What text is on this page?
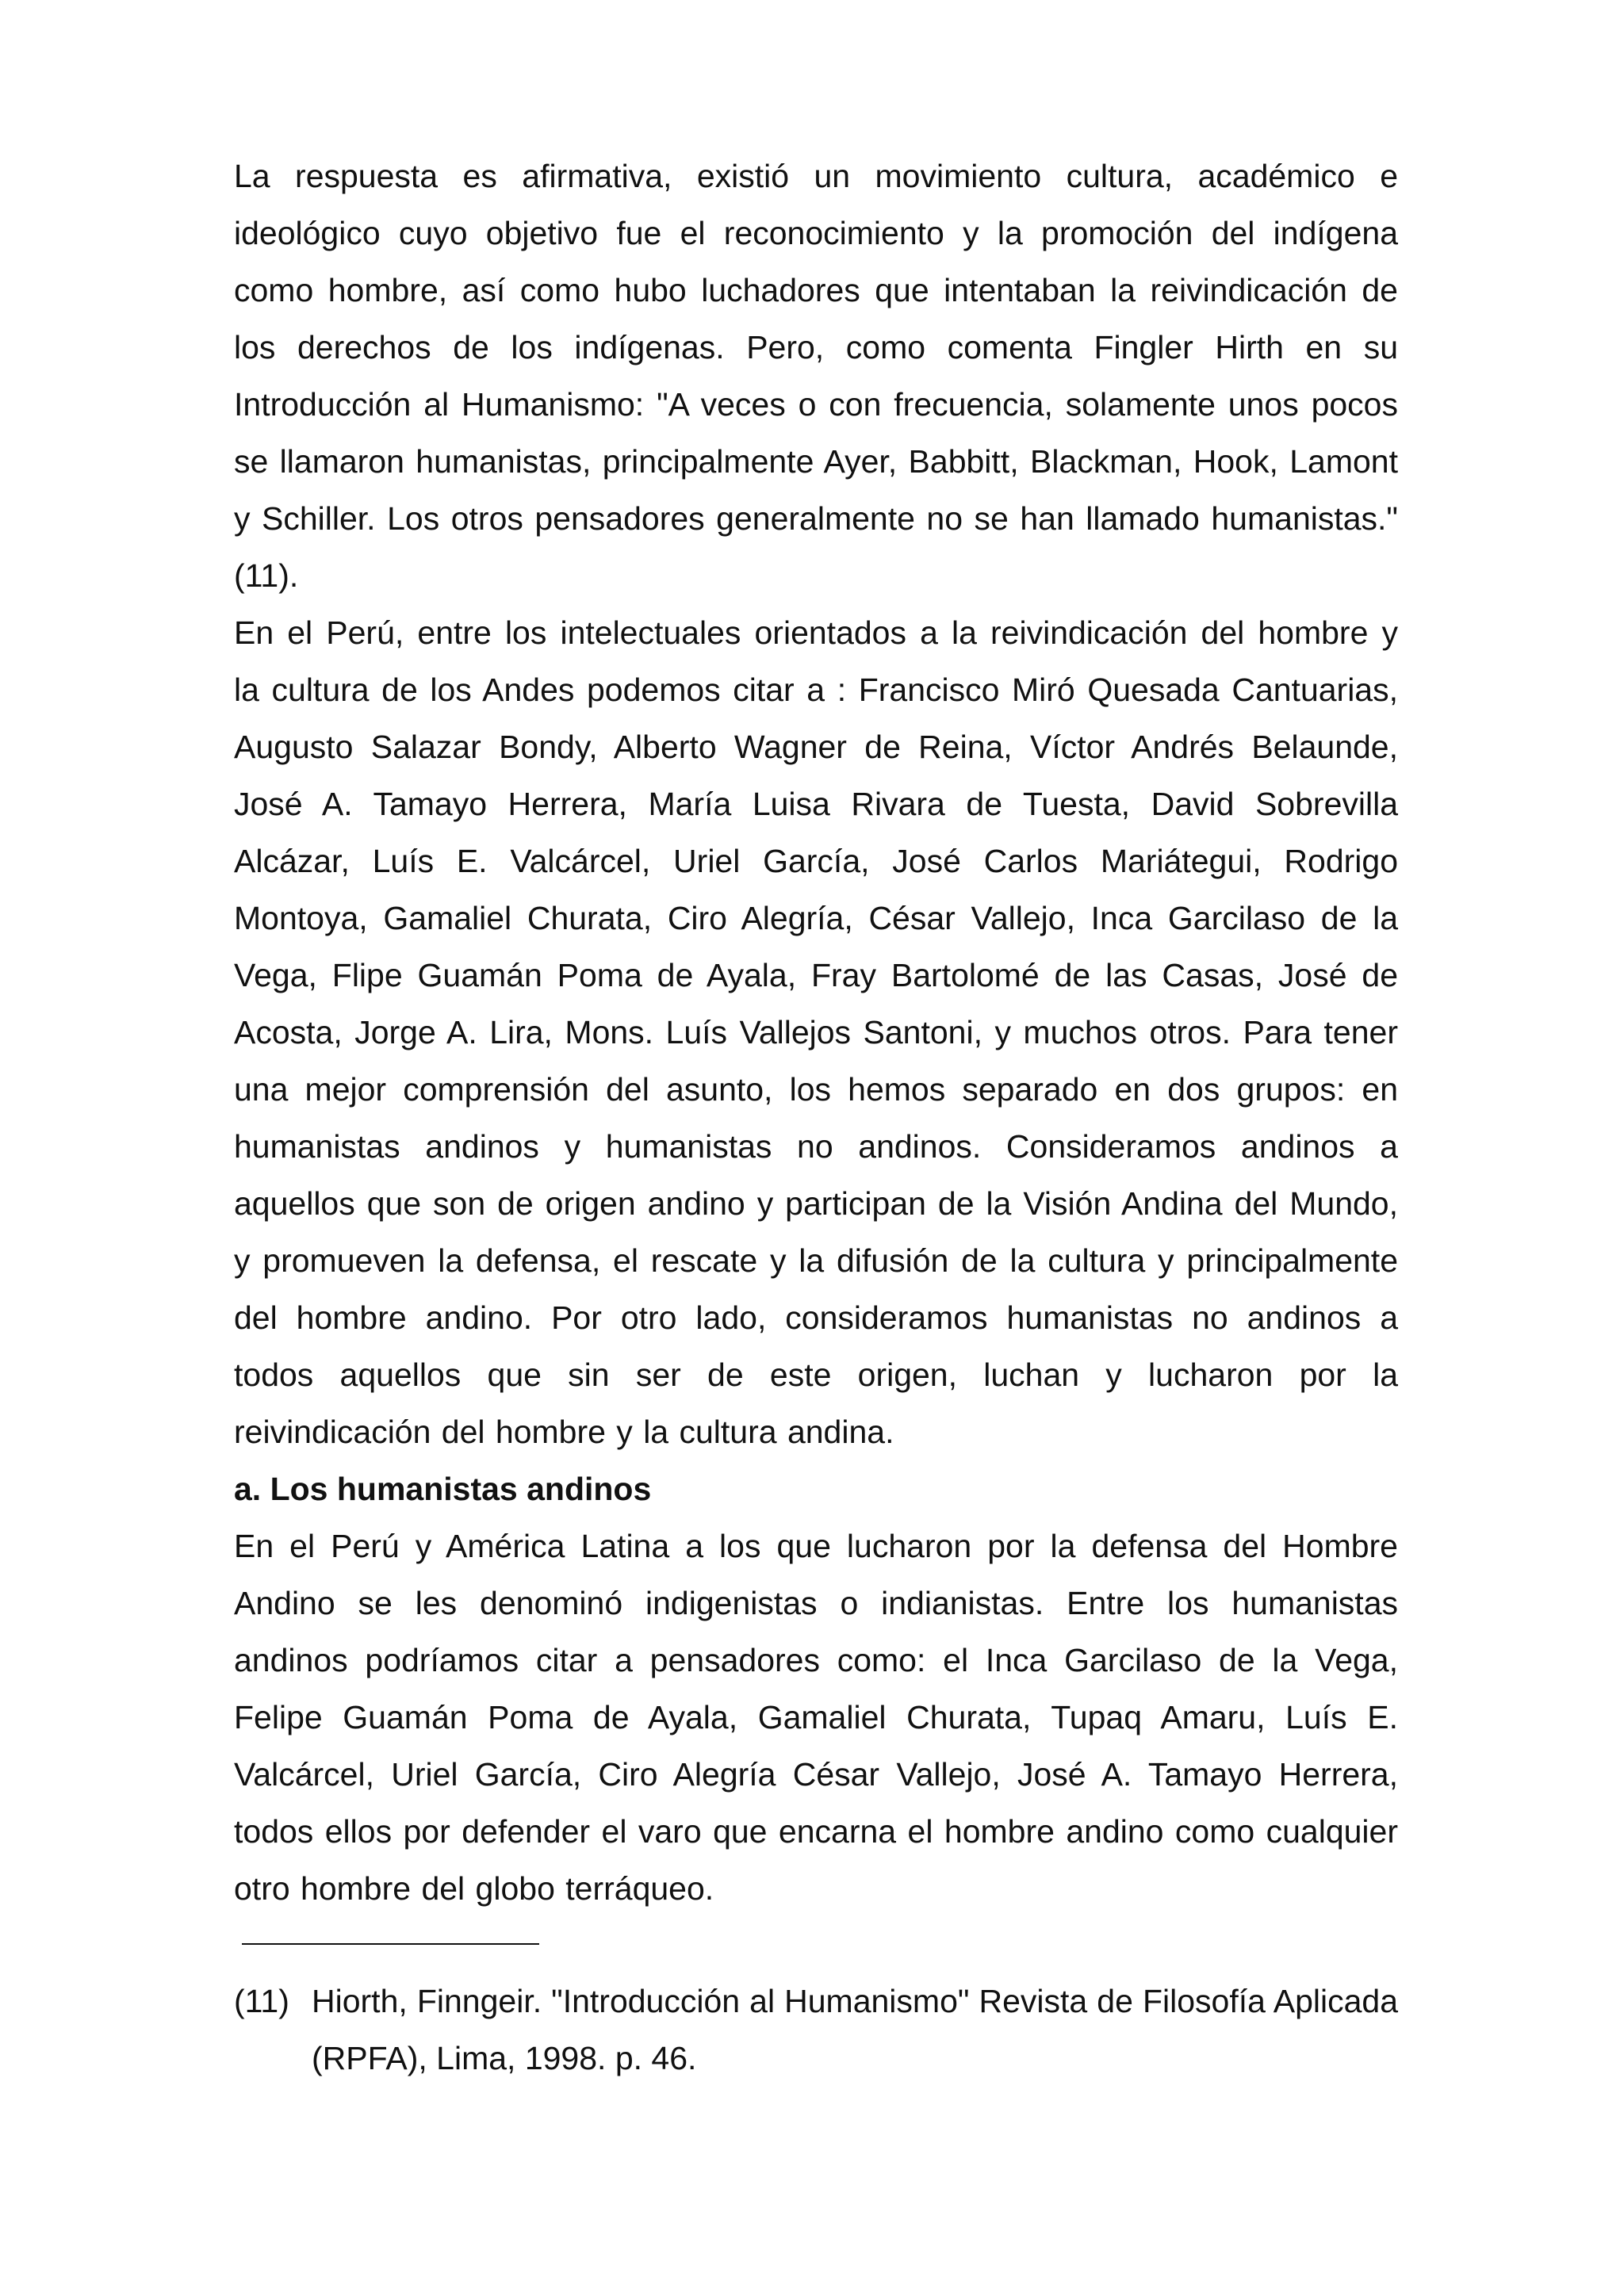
La respuesta es afirmativa, existió un movimiento cultura, académico e ideológico cuyo objetivo fue el reconocimiento y la promoción del indígena como hombre, así como hubo luchadores que intentaban la reivindicación de los derechos de los indígenas. Pero, como comenta Fingler Hirth en su Introducción al Humanismo: "A veces o con frecuencia, solamente unos pocos se llamaron humanistas, principalmente Ayer, Babbitt, Blackman, Hook, Lamont y Schiller. Los otros pensadores generalmente no se han llamado humanistas." (11).

En el Perú, entre los intelectuales orientados a la reivindicación del hombre y la cultura de los Andes podemos citar a : Francisco Miró Quesada Cantuarias, Augusto Salazar Bondy, Alberto Wagner de Reina, Víctor Andrés Belaunde, José A. Tamayo Herrera, María Luisa Rivara de Tuesta, David Sobrevilla Alcázar, Luís E. Valcárcel, Uriel García, José Carlos Mariátegui, Rodrigo Montoya, Gamaliel Churata, Ciro Alegría, César Vallejo, Inca Garcilaso de la Vega, Flipe Guamán Poma de Ayala, Fray Bartolomé de las Casas, José de Acosta, Jorge A. Lira, Mons. Luís Vallejos Santoni, y muchos otros. Para tener una mejor comprensión del asunto, los hemos separado en dos grupos: en humanistas andinos y humanistas no andinos. Consideramos andinos a aquellos que son de origen andino y participan de la Visión Andina del Mundo, y promueven la defensa, el rescate y la difusión de la cultura y principalmente del hombre andino. Por otro lado, consideramos humanistas no andinos a todos aquellos que sin ser de este origen, luchan y lucharon por la reivindicación del hombre y la cultura andina.

a. Los humanistas andinos

En el Perú y América Latina a los que lucharon por la defensa del Hombre Andino se les denominó indigenistas o indianistas. Entre los humanistas andinos podríamos citar a pensadores como: el Inca Garcilaso de la Vega, Felipe Guamán Poma de Ayala, Gamaliel Churata, Tupaq Amaru, Luís E. Valcárcel, Uriel García, Ciro Alegría César Vallejo, José A. Tamayo Herrera, todos ellos por defender el varo que encarna el hombre andino como cualquier otro hombre del globo terráqueo.

(11) Hiorth, Finngeir. "Introducción al Humanismo" Revista de Filosofía Aplicada (RPFA), Lima, 1998. p. 46.
